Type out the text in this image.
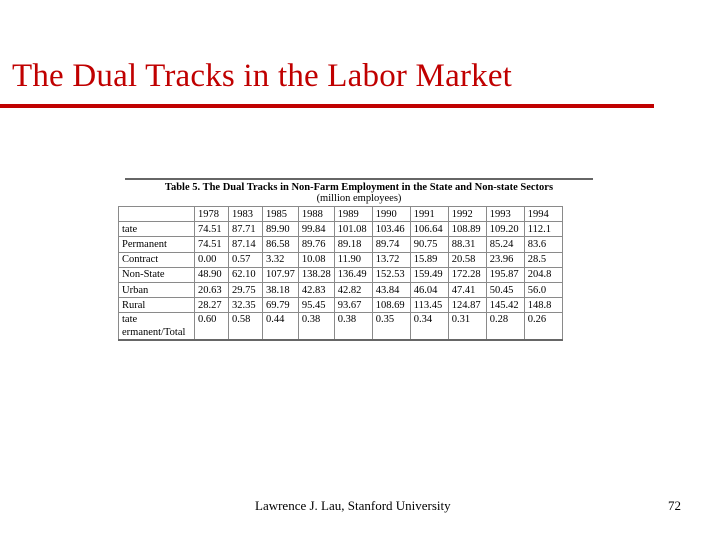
The Dual Tracks in the Labor Market
Table 5. The Dual Tracks in Non-Farm Employment in the State and Non-state Sectors
(million employees)
	1978	1983	1985	1988	1989	1990	1991	1992	1993	1994
tate	74.51	87.71	89.90	99.84	101.08	103.46	106.64	108.89	109.20	112.1
Permanent	74.51	87.14	86.58	89.76	89.18	89.74	90.75	88.31	85.24	83.6
Contract	0.00	0.57	3.32	10.08	11.90	13.72	15.89	20.58	23.96	28.5
Non-State	48.90	62.10	107.97	138.28	136.49	152.53	159.49	172.28	195.87	204.8
Urban	20.63	29.75	38.18	42.83	42.82	43.84	46.04	47.41	50.45	56.0
Rural	28.27	32.35	69.79	95.45	93.67	108.69	113.45	124.87	145.42	148.8

tate
ermanent/Total	0.60	0.58	0.44	0.38	0.38	0.35	0.34	0.31	0.28	0.26
Lawrence J. Lau, Stanford University	72
